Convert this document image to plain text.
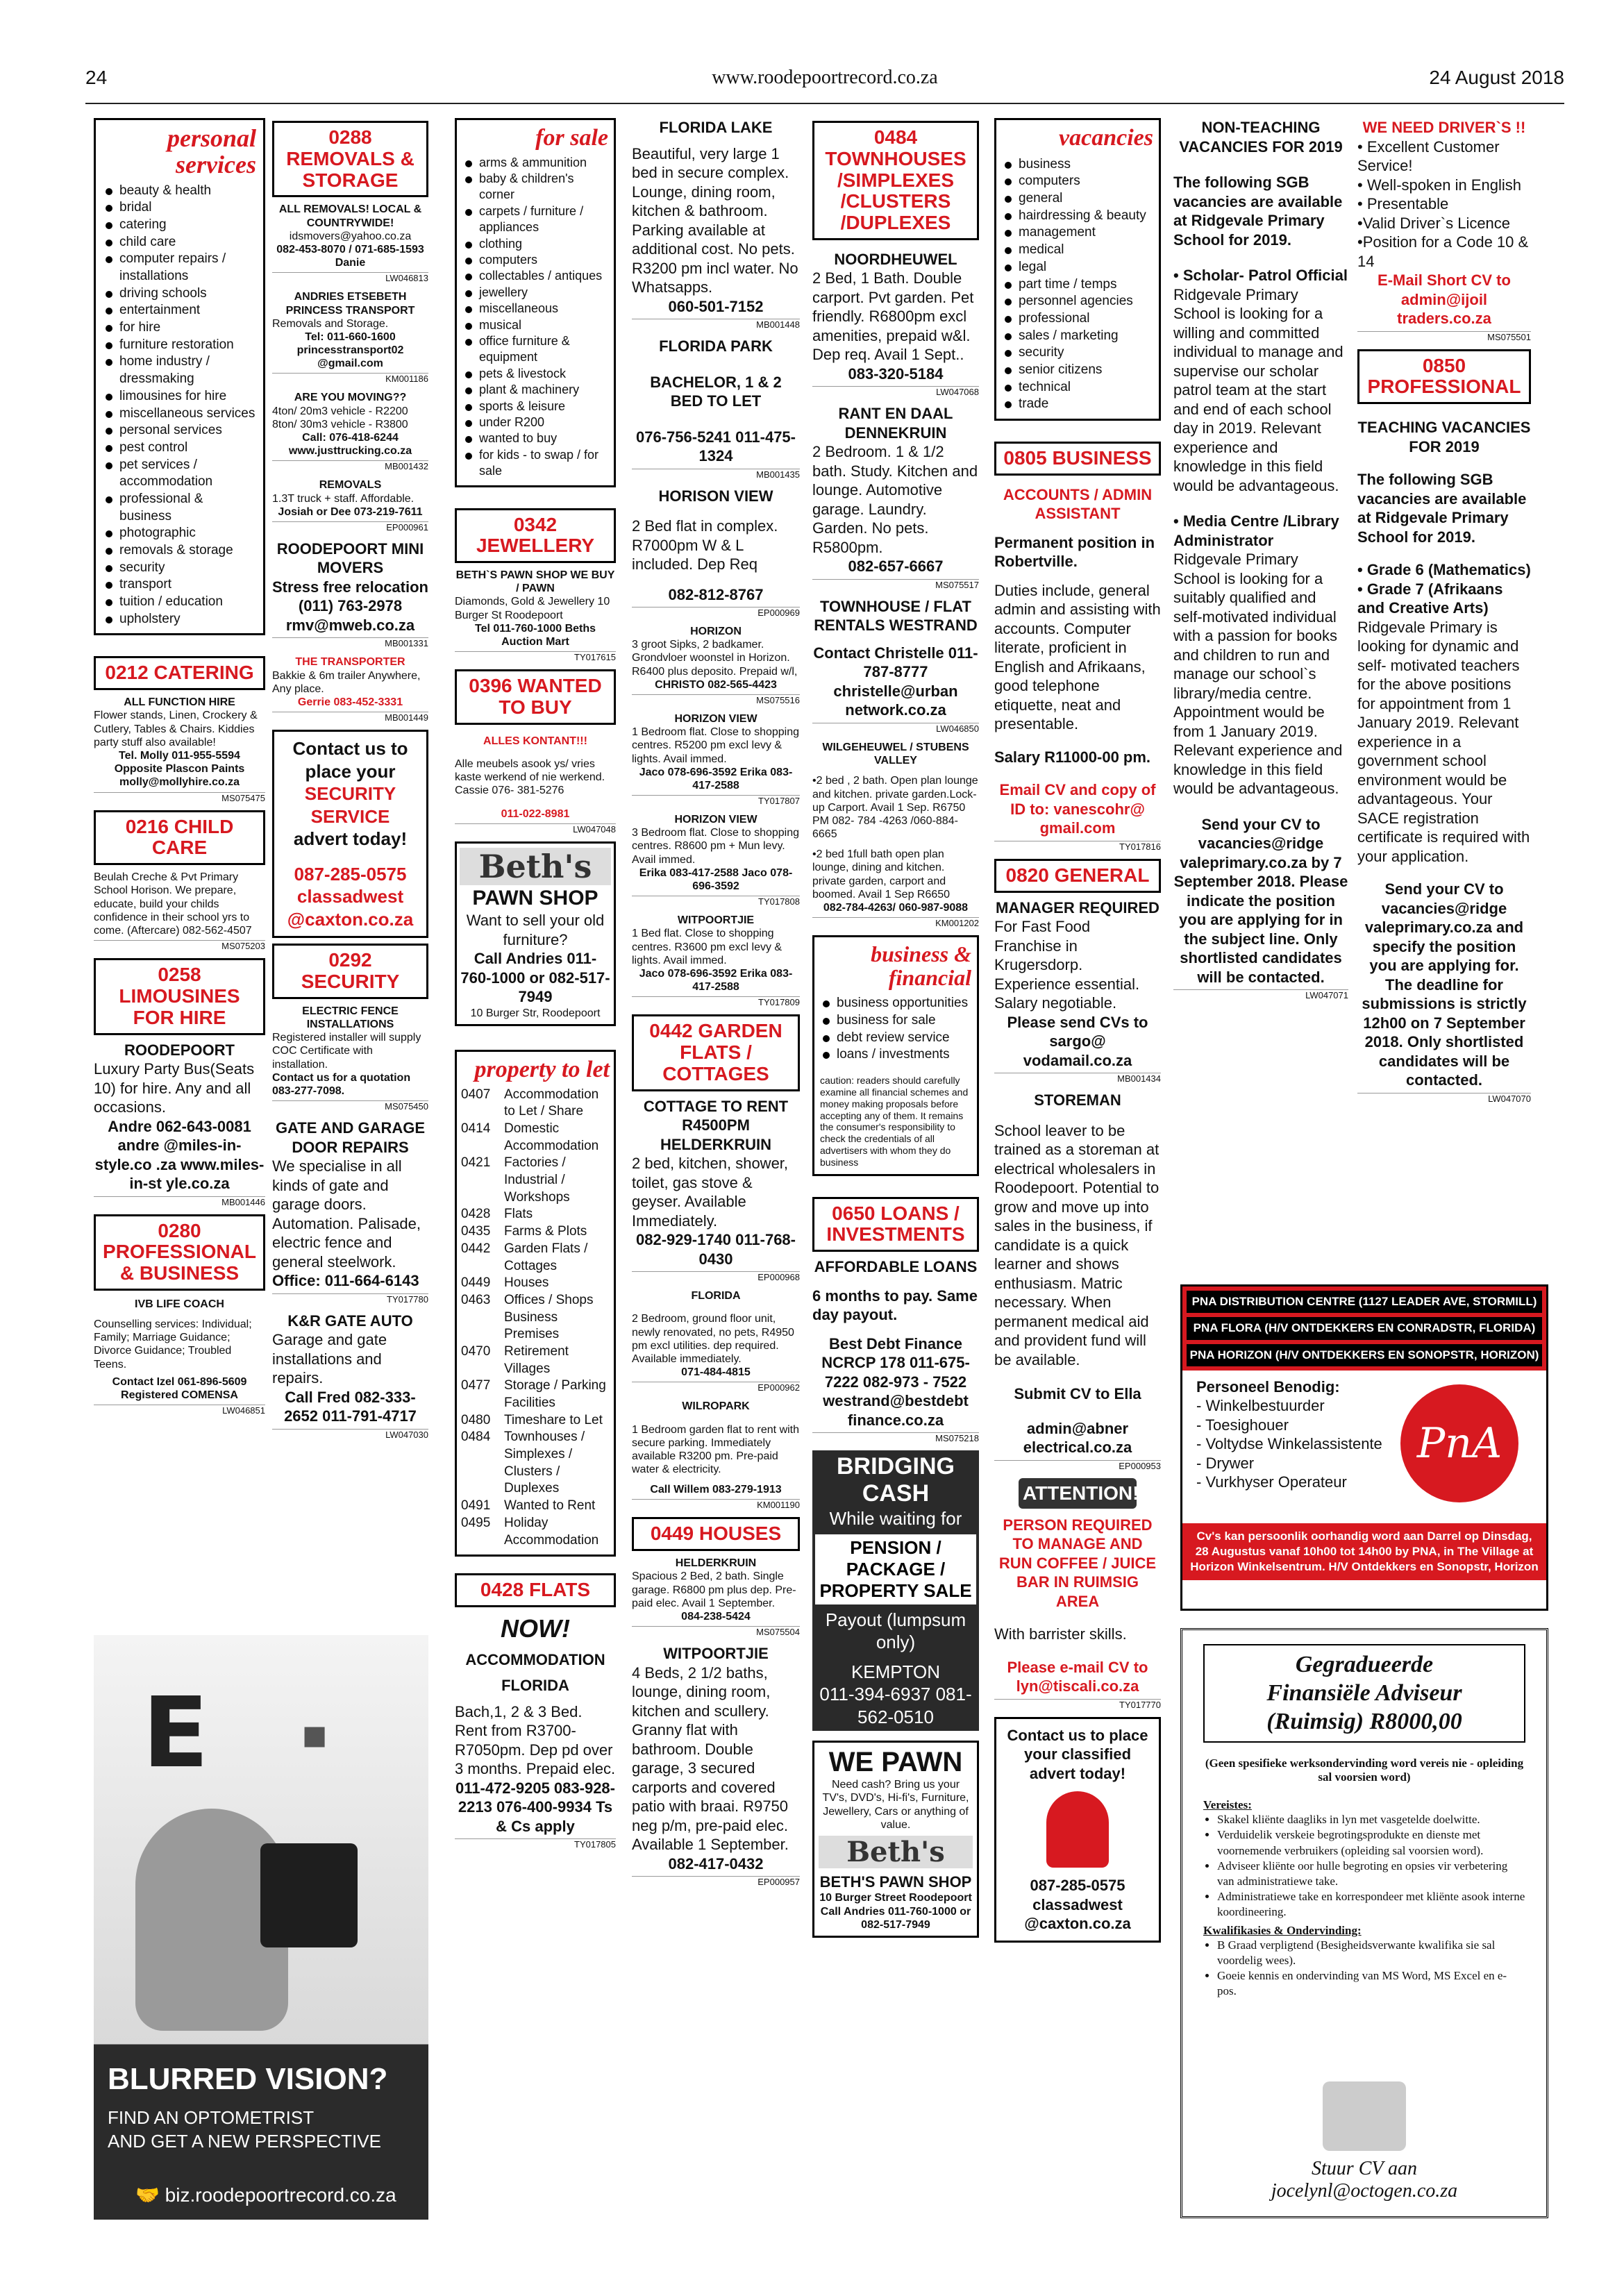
24	www.roodepoortrecord.co.za	24 August 2018
personal services
beauty & health
bridal
catering
child care
computer repairs / installations
driving schools
entertainment
for hire
furniture restoration
home industry / dressmaking
limousines for hire
miscellaneous services
personal services
pest control
pet services / accommodation
professional & business
photographic
removals & storage
security
transport
tuition / education
upholstery
0212 CATERING
ALL FUNCTION HIRE
Flower stands, Linen, Crockery & Cutlery, Tables & Chairs. Kiddies party stuff also available!
Tel. Molly 011-955-5594 Opposite Plascon Paints molly@mollyhire.co.za
MS075475
0216 CHILD CARE
Beulah Creche & Pvt Primary School Horison. We prepare, educate, build your childs confidence in their school yrs to come. (Aftercare) 082-562-4507
MS075203
0258 LIMOUSINES FOR HIRE
ROODEPOORT
Luxury Party Bus(Seats 10) for hire. Any and all occasions.
Andre 062-643-0081 andre @miles-in-style.co .za www.miles-in-st yle.co.za
MB001446
0280 PROFESSIONAL & BUSINESS
IVB LIFE COACH
Counselling services: Individual; Family; Marriage Guidance; Divorce Guidance; Troubled Teens.
Contact Izel 061-896-5609 Registered COMENSA
LW046851
E ■
BLURRED VISION?
FIND AN OPTOMETRIST
AND GET A NEW PERSPECTIVE
🤝 biz.roodepoortrecord.co.za
0288 REMOVALS & STORAGE
ALL REMOVALS! LOCAL & COUNTRYWIDE!
idsmovers@yahoo.co.za
082-453-8070 / 071-685-1593 Danie
LW046813
ANDRIES ETSEBETH PRINCESS TRANSPORT
Removals and Storage.
Tel: 011-660-1600 princesstransport02 @gmail.com
KM001186
ARE YOU MOVING??
4ton/ 20m3 vehicle - R2200 8ton/ 30m3 vehicle - R3800
Call: 076-418-6244 www.justtrucking.co.za
MB001432
REMOVALS
1.3T truck + staff. Affordable.
Josiah or Dee 073-219-7611
EP000961
ROODEPOORT MINI MOVERS
Stress free relocation
(011) 763-2978 rmv@mweb.co.za
MB001331
THE TRANSPORTER
Bakkie & 6m trailer Anywhere, Any place.
Gerrie 083-452-3331
MB001449
Contact us to place your
SECURITY SERVICE
advert today!
087-285-0575
classadwest
@caxton.co.za
0292 SECURITY
ELECTRIC FENCE INSTALLATIONS
Registered installer will supply COC Certificate with installation.
Contact us for a quotation 083-277-7098.
MS075450
GATE AND GARAGE DOOR REPAIRS
We specialise in all kinds of gate and garage doors. Automation. Palisade, electric fence and general steelwork.
Office: 011-664-6143
TY017780
K&R GATE AUTO
Garage and gate installations and repairs.
Call Fred 082-333-2652 011-791-4717
LW047030
for sale
arms & ammunition
baby & children's corner
carpets / furniture / appliances
clothing
computers
collectables / antiques
jewellery
miscellaneous
musical
office furniture & equipment
pets & livestock
plant & machinery
sports & leisure
under R200
wanted to buy
for kids - to swap / for sale
0342 JEWELLERY
BETH`S PAWN SHOP WE BUY / PAWN
Diamonds, Gold & Jewellery 10 Burger St Roodepoort
Tel 011-760-1000 Beths Auction Mart
TY017615
0396 WANTED TO BUY
ALLES KONTANT!!!
Alle meubels asook ys/ vries kaste werkend of nie werkend. Cassie 076- 381-5276
011-022-8981
LW047048
Beth's
PAWN SHOP
Want to sell your old furniture?
Call Andries 011-760-1000 or 082-517-7949
10 Burger Str, Roodepoort
property to let
0407	Accommodation to Let / Share
0414	Domestic Accommodation
0421	Factories / Industrial / Workshops
0428	Flats
0435	Farms & Plots
0442	Garden Flats / Cottages
0449	Houses
0463	Offices / Shops Business Premises
0470	Retirement Villages
0477	Storage / Parking Facilities
0480	Timeshare to Let
0484	Townhouses / Simplexes / Clusters / Duplexes
0491	Wanted to Rent
0495	Holiday Accommodation
0428 FLATS
NOW!
ACCOMMODATION
FLORIDA
Bach,1, 2 & 3 Bed. Rent from R3700-R7050pm. Dep pd over 3 months. Prepaid elec.
011-472-9205 083-928-2213 076-400-9934 Ts & Cs apply
TY017805
FLORIDA LAKE
Beautiful, very large 1 bed in secure complex. Lounge, dining room, kitchen & bathroom. Parking available at additional cost. No pets. R3200 pm incl water. No Whatsapps.
060-501-7152
MB001448
FLORIDA PARK
BACHELOR, 1 & 2 BED TO LET
076-756-5241 011-475-1324
MB001435
HORISON VIEW
2 Bed flat in complex. R7000pm W & L included. Dep Req
082-812-8767
EP000969
HORIZON
3 groot Sipks, 2 badkamer. Grondvloer woonstel in Horizon. R6400 plus deposito. Prepaid w/l,
CHRISTO 082-565-4423
MS075516
HORIZON VIEW
1 Bedroom flat. Close to shopping centres. R5200 pm excl levy & lights. Avail immed.
Jaco 078-696-3592 Erika 083-417-2588
TY017807
HORIZON VIEW
3 Bedroom flat. Close to shopping centres. R8600 pm + Mun levy. Avail immed.
Erika 083-417-2588 Jaco 078-696-3592
TY017808
WITPOORTJIE
1 Bed flat. Close to shopping centres. R3600 pm excl levy & lights. Avail immed.
Jaco 078-696-3592 Erika 083-417-2588
TY017809
0442 GARDEN FLATS / COTTAGES
COTTAGE TO RENT R4500PM HELDERKRUIN
2 bed, kitchen, shower, toilet, gas stove & geyser. Available Immediately.
082-929-1740 011-768-0430
EP000968
FLORIDA
2 Bedroom, ground floor unit, newly renovated, no pets, R4950 pm excl utilities. dep required. Available immediately.
071-484-4815
EP000962
WILROPARK
1 Bedroom garden flat to rent with secure parking. Immediately available R3200 pm. Pre-paid water & electricity.
Call Willem 083-279-1913
KM001190
0449 HOUSES
HELDERKRUIN
Spacious 2 Bed, 2 bath. Single garage. R6800 pm plus dep. Pre-paid elec. Avail 1 September.
084-238-5424
MS075504
WITPOORTJIE
4 Beds, 2 1/2 baths, lounge, dining room, kitchen and scullery. Granny flat with bathroom. Double garage, 3 secured carports and covered patio with braai. R9750 neg p/m, pre-paid elec. Available 1 September.
082-417-0432
EP000957
0484 TOWNHOUSES /SIMPLEXES /CLUSTERS /DUPLEXES
NOORDHEUWEL
2 Bed, 1 Bath. Double carport. Pvt garden. Pet friendly. R6800pm excl amenities, prepaid w&l. Dep req. Avail 1 Sept..
083-320-5184
LW047068
RANT EN DAAL DENNEKRUIN
2 Bedroom. 1 & 1/2 bath. Study. Kitchen and lounge. Automotive garage. Laundry. Garden. No pets. R5800pm.
082-657-6667
MS075517
TOWNHOUSE / FLAT RENTALS WESTRAND
Contact Christelle 011-787-8777 christelle@urban network.co.za
LW046850
WILGEHEUWEL / STUBENS VALLEY
•2 bed , 2 bath. Open plan lounge and kitchen. private garden.Lock-up Carport. Avail 1 Sep. R6750 PM 082- 784 -4263 /060-884-6665
•2 bed 1full bath open plan lounge, dining and kitchen. private garden, carport and boomed. Avail 1 Sep R6650
082-784-4263/ 060-987-9088
KM001202
business & financial
business opportunities
business for sale
debt review service
loans / investments
caution: readers should carefully examine all financial schemes and money making proposals before accepting any of them. It remains the consumer's responsibility to check the credentials of all advertisers with whom they do business
0650 LOANS / INVESTMENTS
AFFORDABLE LOANS
6 months to pay. Same day payout.
Best Debt Finance NCRCP 178 011-675-7222 082-973 - 7522 westrand@bestdebt finance.co.za
MS075218
BRIDGING CASH
While waiting for
PENSION / PACKAGE / PROPERTY SALE
Payout (lumpsum only)
KEMPTON
011-394-6937 081-562-0510
WE PAWN
Need cash? Bring us your TV's, DVD's, Hi-fi's, Furniture, Jewellery, Cars or anything of value.
Beth's
BETH'S PAWN SHOP
10 Burger Street Roodepoort
Call Andries 011-760-1000 or 082-517-7949
vacancies
business
computers
general
hairdressing & beauty
management
medical
legal
part time / temps
personnel agencies
professional
sales / marketing
security
senior citizens
technical
trade
0805 BUSINESS
ACCOUNTS / ADMIN ASSISTANT
Permanent position in Robertville.
Duties include, general admin and assisting with accounts. Computer literate, proficient in English and Afrikaans, good telephone etiquette, neat and presentable.
Salary R11000-00 pm.
Email CV and copy of ID to: vanescohr@ gmail.com
TY017816
0820 GENERAL
MANAGER REQUIRED
For Fast Food Franchise in Krugersdorp. Experience essential. Salary negotiable.
Please send CVs to sargo@ vodamail.co.za
MB001434
STOREMAN
School leaver to be trained as a storeman at electrical wholesalers in Roodepoort. Potential to grow and move up into sales in the business, if candidate is a quick learner and shows enthusiasm. Matric necessary. When permanent medical aid and provident fund will be available.
Submit CV to Ella
admin@abner electrical.co.za
EP000953
ATTENTION!
PERSON REQUIRED TO MANAGE AND RUN COFFEE / JUICE BAR IN RUIMSIG AREA
With barrister skills.
Please e-mail CV to lyn@tiscali.co.za
TY017770
Contact us to place your classified advert today!
087-285-0575
classadwest
@caxton.co.za
NON-TEACHING VACANCIES FOR 2019
The following SGB vacancies are available at Ridgevale Primary School for 2019.
• Scholar- Patrol Official
Ridgevale Primary School is looking for a willing and committed individual to manage and supervise our scholar patrol team at the start and end of each school day in 2019. Relevant experience and knowledge in this field would be advantageous.
• Media Centre /Library Administrator
Ridgevale Primary School is looking for a suitably qualified and self-motivated individual with a passion for books and children to run and manage our school`s library/media centre. Appointment would be from 1 January 2019. Relevant experience and knowledge in this field would be advantageous.
Send your CV to vacancies@ridge valeprimary.co.za by 7 September 2018. Please indicate the position you are applying for in the subject line. Only shortlisted candidates will be contacted.
LW047071
WE NEED DRIVER`S !!
• Excellent Customer Service!
• Well-spoken in English
• Presentable
•Valid Driver`s Licence
•Position for a Code 10 & 14
E-Mail Short CV to admin@ijoil traders.co.za
MS075501
0850 PROFESSIONAL
TEACHING VACANCIES FOR 2019
The following SGB vacancies are available at Ridgevale Primary School for 2019.
• Grade 6 (Mathematics) • Grade 7 (Afrikaans and Creative Arts)
Ridgevale Primary is looking for dynamic and self- motivated teachers for the above positions for appointment from 1 January 2019. Relevant experience in a government school environment would be advantageous. Your SACE registration certificate is required with your application.
Send your CV to vacancies@ridge valeprimary.co.za and specify the position you are applying for. The deadline for submissions is strictly 12h00 on 7 September 2018. Only shortlisted candidates will be contacted.
LW047070
PNA DISTRIBUTION CENTRE (1127 LEADER AVE, STORMILL)
PNA FLORA (H/V ONTDEKKERS EN CONRADSTR, FLORIDA)
PNA HORIZON (H/V ONTDEKKERS EN SONOPSTR, HORIZON)
Personeel Benodig:
- Winkelbestuurder
- Toesighouer
- Voltydse Winkelassistente
- Drywer
- Vurkhyser Operateur
PnA
Cv's kan persoonlik oorhandig word aan Darrel op Dinsdag, 28 Augustus vanaf 10h00 tot 14h00 by PNA, in The Village at Horizon Winkelsentrum. H/V Ontdekkers en Sonopstr, Horizon
Gegradueerde
Finansiële Adviseur
(Ruimsig) R8000,00
(Geen spesifieke werksondervinding word vereis nie - opleiding sal voorsien word)
Vereistes:
• Skakel kliënte daagliks in lyn met vasgetelde doelwitte.
• Verduidelik verskeie begrotingsprodukte en dienste met voornemende verbruikers (opleiding sal voorsien word).
• Adviseer kliënte oor hulle begroting en opsies vir verbetering van administratiewe take.
• Administratiewe take en korrespondeer met kliënte asook interne koordineering.
Kwalifikasies & Ondervinding:
• B Graad verpligtend (Besigheidsverwante kwalifika sie sal voordelig wees).
• Goeie kennis en ondervinding van MS Word, MS Excel en e-pos.
Stuur CV aan
jocelynl@octogen.co.za
